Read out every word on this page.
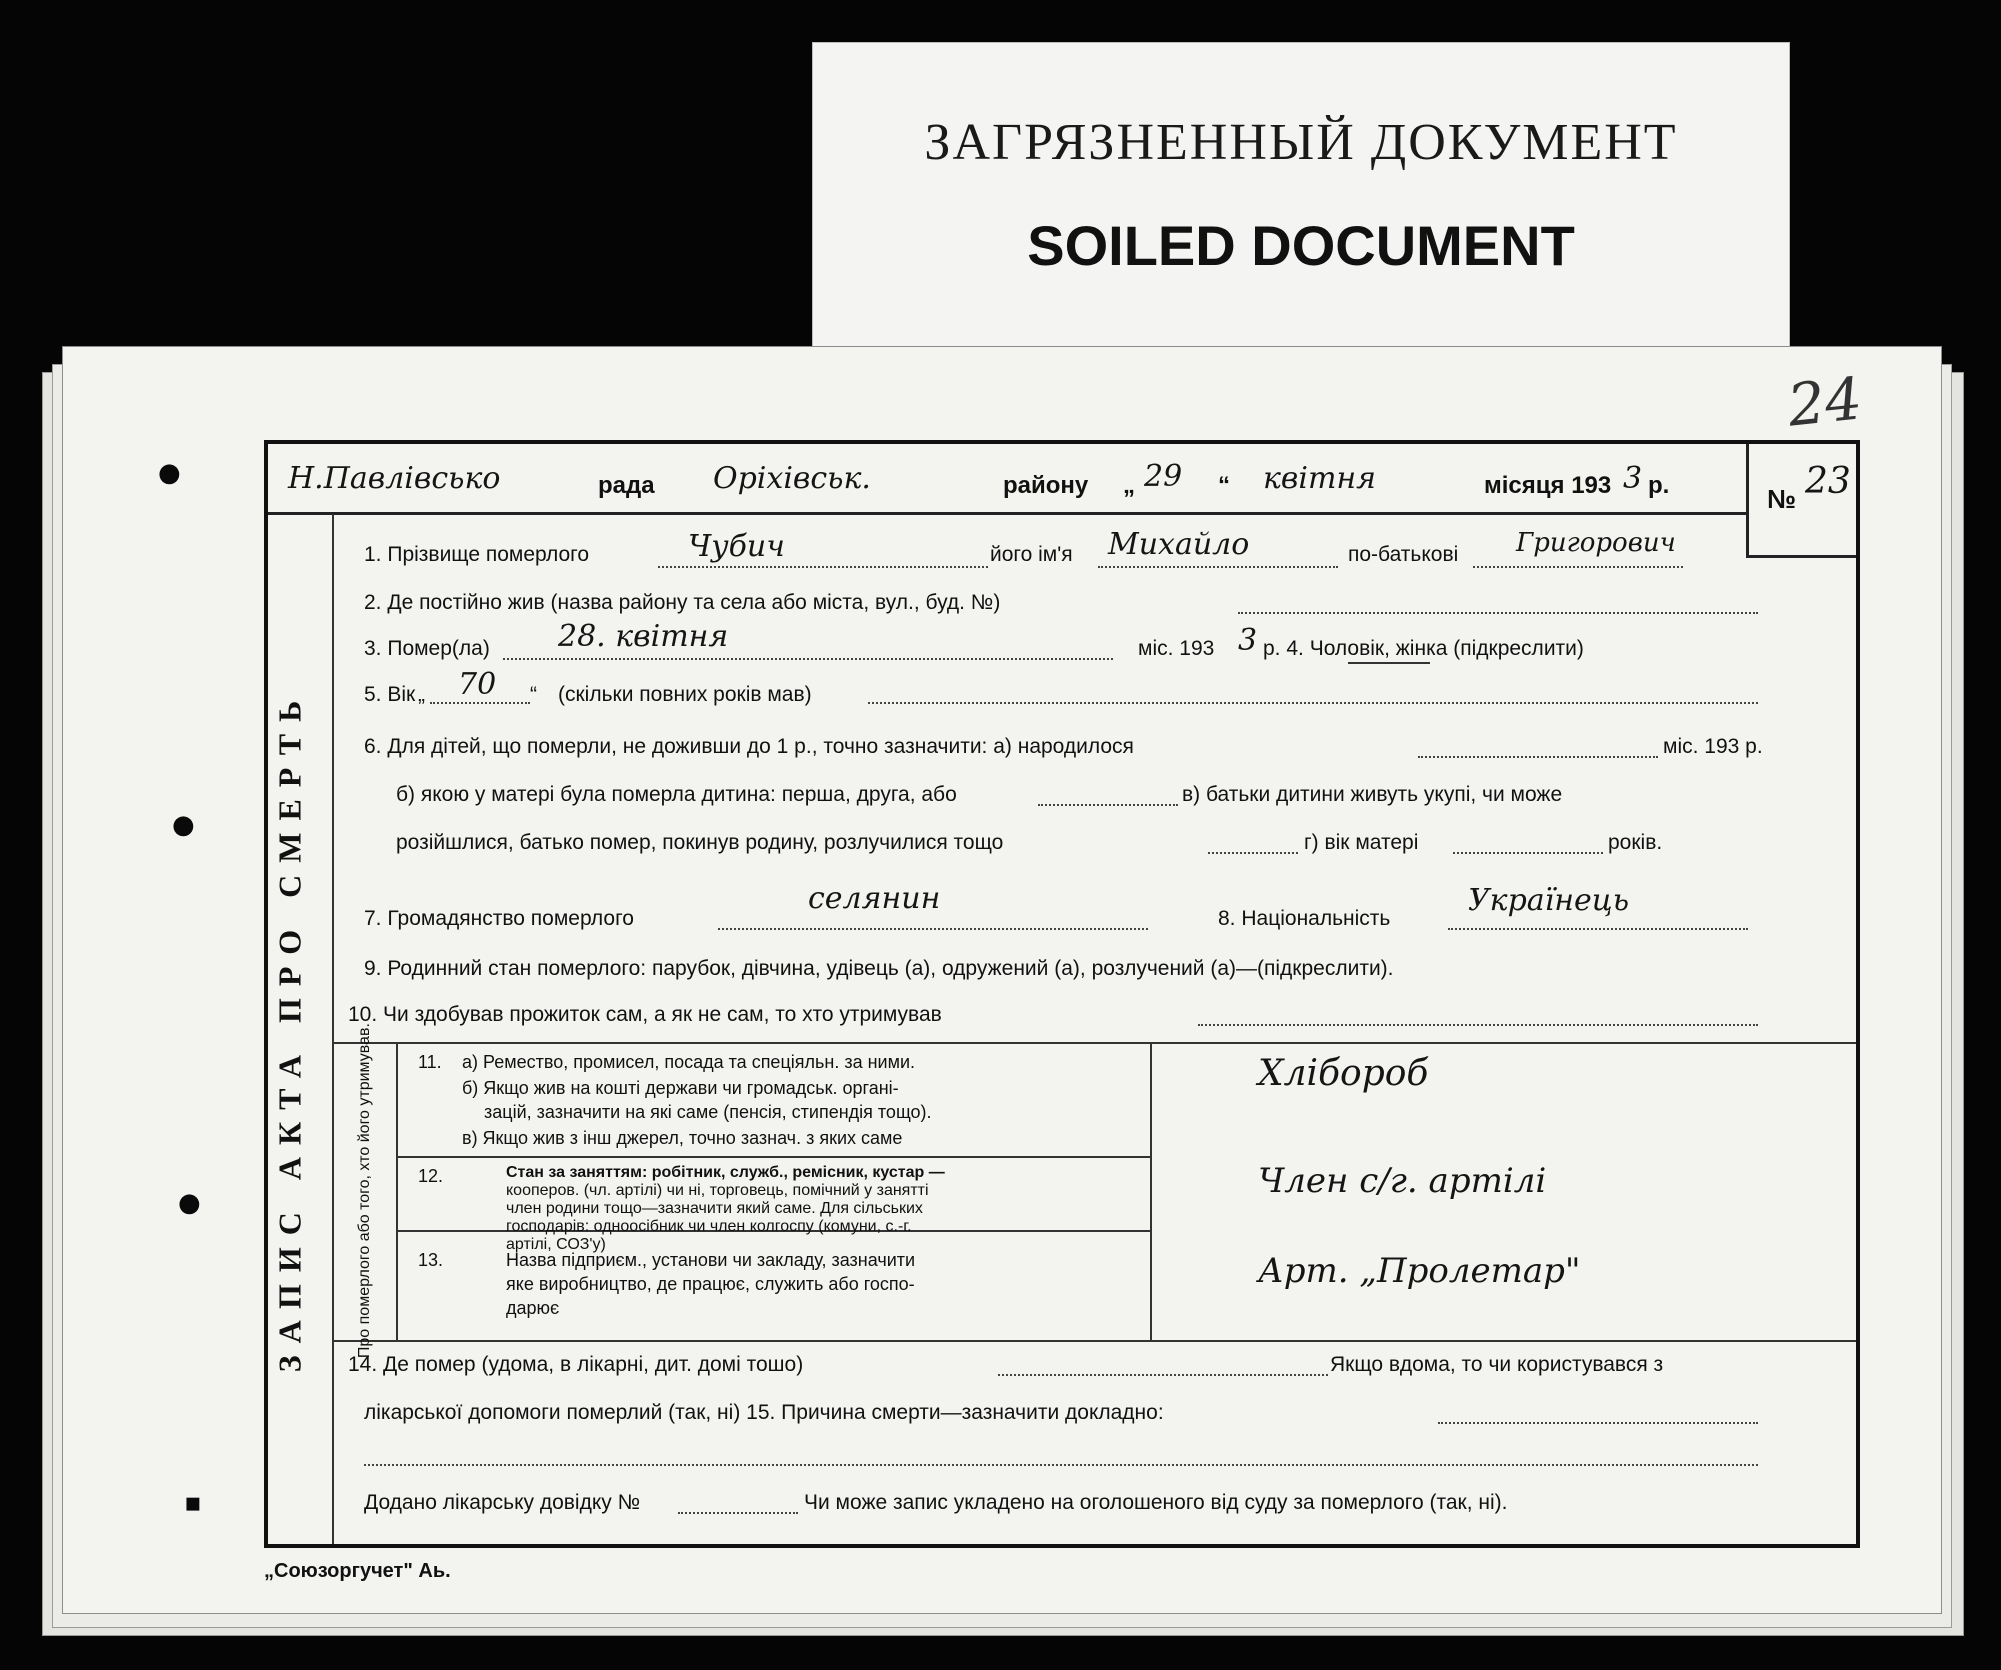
ЗАГРЯЗНЕННЫЙ ДОКУМЕНТ
SOILED DOCUMENT
●
●
●
▪
24
ЗАПИС АКТА ПРО СМЕРТЬ
Н.Павлівсько	рада Оріхівськ.	району „ 29 “ квітня	місяця 193 3 р.	№ 23
1. Прізвище померлого	Чубич	його ім'я Михайло	по-батькові Григорович
2. Де постійно жив (назва району та села або міста, вул., буд. №)
3. Помер(ла) 28. квітня	міс. 193 3 р. 4. Чоловік, жінка (підкреслити)
5. Вік „ 70 “ (скільки повних років мав)
6. Для дітей, що померли, не доживши до 1 р., точно зазначити: а) народилося	міс. 193 р.
б) якою у матері була померла дитина: перша, друга, або	в) батьки дитини живуть укупі, чи може
розійшлися, батько помер, покинув родину, розлучилися тощо	г) вік матері	років.
7. Громадянство померлого
селянин
8. Національність
Українець
9. Родинний стан померлого: парубок, дівчина, удівець (а), одружений (а), розлучений (а)—(підкреслити).
10. Чи здобував прожиток сам, а як не сам, то хто утримував
Про померлого або того, хто його утримував.	11. а) Ремество, промисел, посада та спеціяльн. за ними.
б) Якщо жив на коштi держави чи громадськ. органі-
зацій, зазначити на які саме (пенсія, стипендія тощо).
в) Якщо жив з інш джерел, точно зазнач. з яких саме
Хлібороб
12.	Стан за заняттям: робітник, служб., ремісник, кустар —
кооперов. (чл. артілі) чи ні, торговець, помічний у занятті
член родини тощо—зазначити який саме. Для сільських
господарів: одноосібник чи член колгоспу (комуни, с.-г.
артілі, СОЗ'у)
Член с/г. артілі
13.	Назва підприєм., установи чи закладу, зазначити
яке виробництво, де працює, служить або госпо-
дарює
Арт. „Пролетар"
14. Де помер (удома, в лікарні, дит. домі тошо)	Якщо вдома, то чи користувався з
лікарської допомоги померлий (так, ні) 15. Причина смерти—зазначити докладно:
Додано лікарську довідку №	Чи може запис укладено на оголошеного від суду за померлого (так, ні).
„Союзоргучет" Аь.
